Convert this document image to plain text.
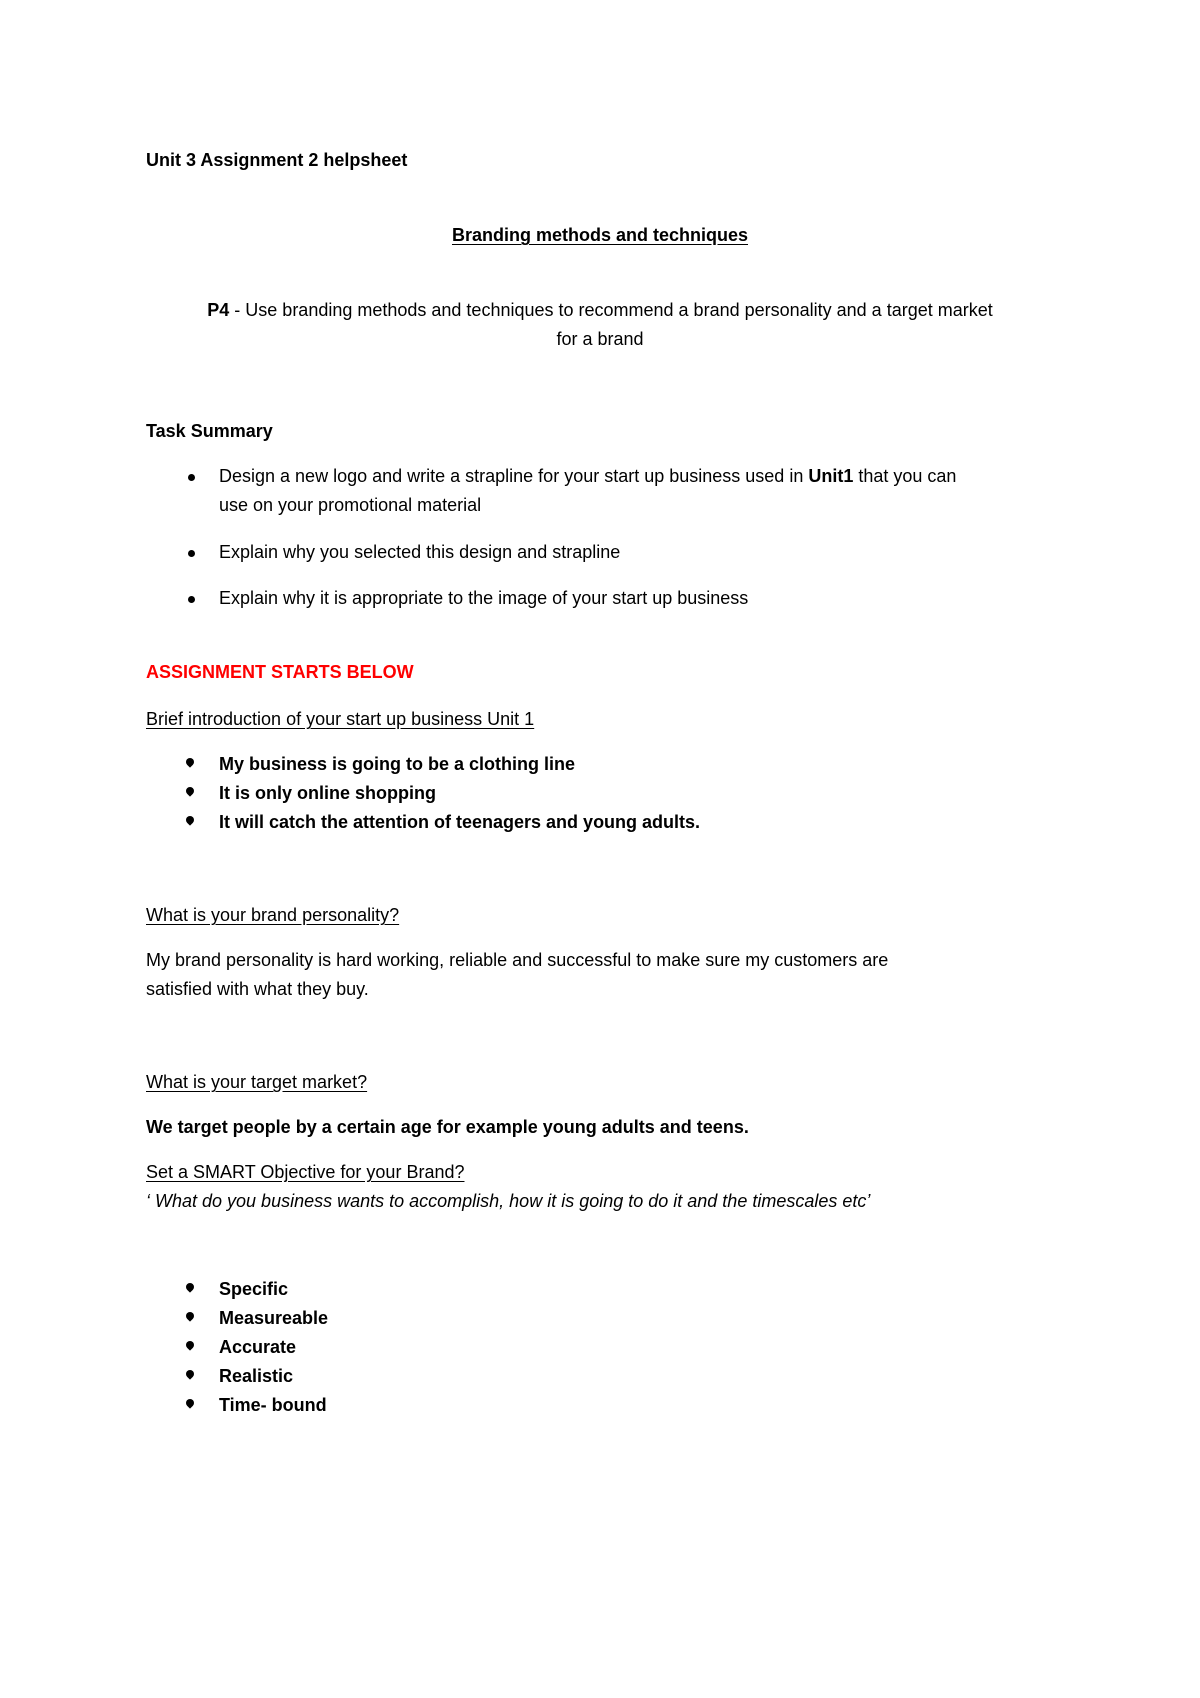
Unit 3 Assignment 2 helpsheet
Branding methods and techniques
P4 - Use branding methods and techniques to recommend a brand personality and a target market
for a brand
Task Summary
Design a new logo and write a strapline for your start up business used in Unit1 that you can
use on your promotional material
Explain why you selected this design and strapline
Explain why it is appropriate to the image of your start up business
ASSIGNMENT STARTS BELOW
Brief introduction of your start up business Unit 1
My business is going to be a clothing line
It is only online shopping
It will catch the attention of teenagers and young adults.
What is your brand personality?
My brand personality is hard working, reliable and successful to make sure my customers are
satisfied with what they buy.
What is your target market?
We target people by a certain age for example young adults and teens.
Set a SMART Objective for your Brand?
‘ What do you business wants to accomplish, how it is going to do it and the timescales etc’
Specific
Measureable
Accurate
Realistic
Time- bound
